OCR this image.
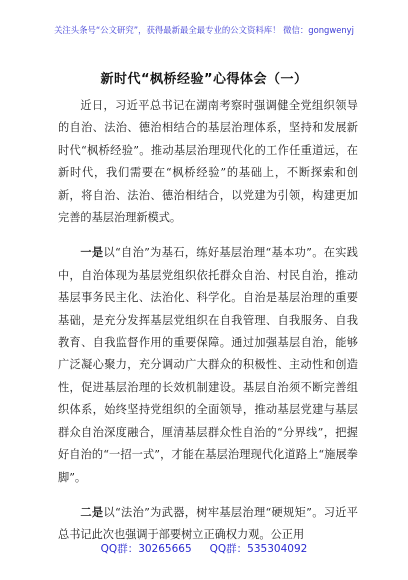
关注头条号“公文研究”，获得最新最全最专业的公文资料库！ 微信：gongwenyj
新时代“枫桥经验”心得体会（一）

近日，习近平总书记在湖南考察时强调健全党组织领导的自治、法治、德治相结合的基层治理体系，坚持和发展新时代“枫桥经验”。推动基层治理现代化的工作任重道远，在新时代，我们需要在“枫桥经验”的基础上，不断探索和创新，将自治、法治、德治相结合，以党建为引领，构建更加完善的基层治理新模式。

一是以“自治”为基石，练好基层治理“基本功”。在实践中，自治体现为基层党组织依托群众自治、村民自治，推动基层事务民主化、法治化、科学化。自治是基层治理的重要基础，是充分发挥基层党组织在自我管理、自我服务、自我教育、自我监督作用的重要保障。通过加强基层自治，能够广泛凝心聚力，充分调动广大群众的积极性、主动性和创造性，促进基层治理的长效机制建设。基层自治须不断完善组织体系，始终坚持党组织的全面领导，推动基层党建与基层群众自治深度融合，厘清基层群众性自治的“分界线”，把握好自治的“一招一式”，才能在基层治理现代化道路上“施展拳脚”。

二是以“法治”为武器，树牢基层治理“硬规矩”。习近平总书记此次也强调于部要树立正确权力观。公正用

QQ群：30265665 QQ群：535304092
